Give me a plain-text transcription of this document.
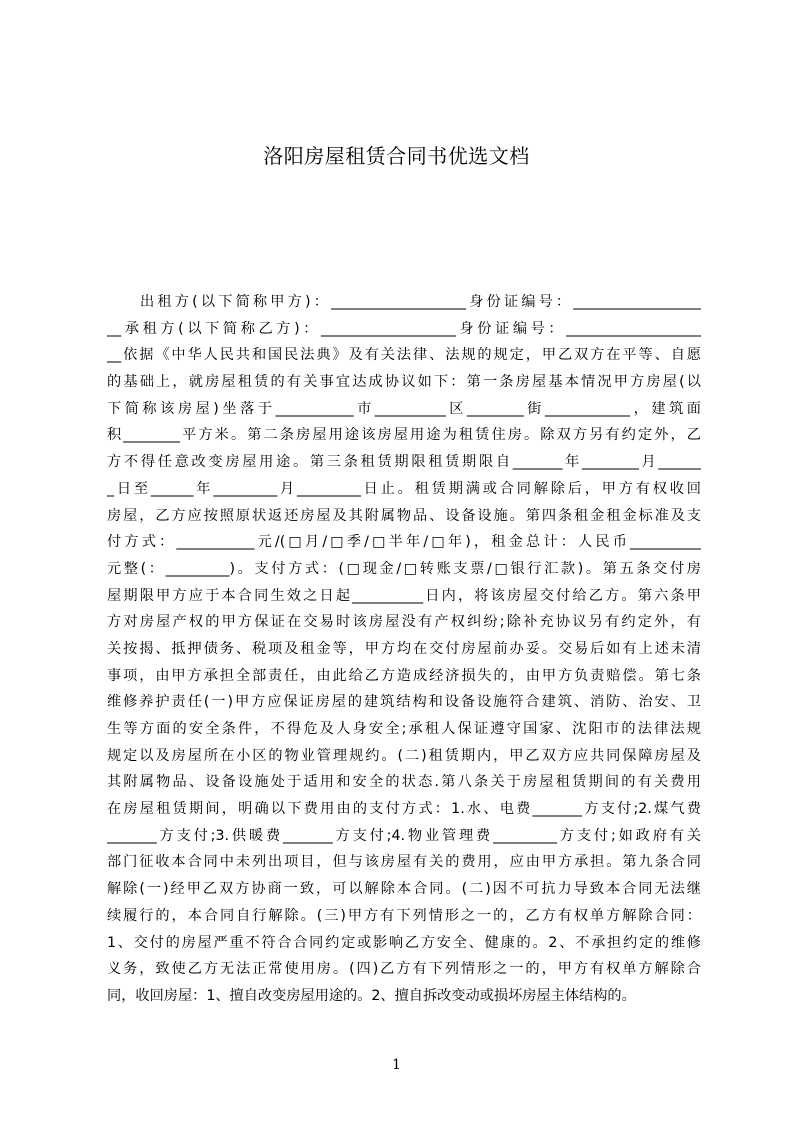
洛阳房屋租赁合同书优选文档
出租方(以下简称甲方)：___________________身份证编号：__________________
__承租方(以下简称乙方)：___________________身份证编号：___________________
__依据《中华人民共和国民法典》及有关法律、法规的规定，甲乙双方在平等、自愿
的基础上，就房屋租赁的有关事宜达成协议如下：第一条房屋基本情况甲方房屋(以
下简称该房屋)坐落于___________市__________区________街____________，建筑面
积________平方米。第二条房屋用途该房屋用途为租赁住房。除双方另有约定外，乙
方不得任意改变房屋用途。第三条租赁期限租赁期限自_______年________月______
_日至______年_________月_________日止。租赁期满或合同解除后，甲方有权收回
房屋，乙方应按照原状返还房屋及其附属物品、设备设施。第四条租金租金标准及支
付方式：___________元/(□月/□季/□半年/□年)，租金总计：人民币__________
元整(：_________)。支付方式：(□现金/□转账支票/□银行汇款)。第五条交付房
屋期限甲方应于本合同生效之日起__________日内，将该房屋交付给乙方。第六条甲
方对房屋产权的甲方保证在交易时该房屋没有产权纠纷;除补充协议另有约定外，有
关按揭、抵押债务、税项及租金等，甲方均在交付房屋前办妥。交易后如有上述未清
事项，由甲方承担全部责任，由此给乙方造成经济损失的，由甲方负责赔偿。第七条
维修养护责任(一)甲方应保证房屋的建筑结构和设备设施符合建筑、消防、治安、卫
生等方面的安全条件，不得危及人身安全;承租人保证遵守国家、沈阳市的法律法规
规定以及房屋所在小区的物业管理规约。(二)租赁期内，甲乙双方应共同保障房屋及
其附属物品、设备设施处于适用和安全的状态.第八条关于房屋租赁期间的有关费用
在房屋租赁期间，明确以下费用由的支付方式：1.水、电费_______方支付;2.煤气费
_______方支付;3.供暖费_______方支付;4.物业管理费_________方支付;如政府有关
部门征收本合同中未列出项目，但与该房屋有关的费用，应由甲方承担。第九条合同
解除(一)经甲乙双方协商一致，可以解除本合同。(二)因不可抗力导致本合同无法继
续履行的，本合同自行解除。(三)甲方有下列情形之一的，乙方有权单方解除合同：
1、交付的房屋严重不符合合同约定或影响乙方安全、健康的。2、不承担约定的维修
义务，致使乙方无法正常使用房。(四)乙方有下列情形之一的，甲方有权单方解除合
同，收回房屋：1、擅自改变房屋用途的。2、擅自拆改变动或损坏房屋主体结构的。
1
